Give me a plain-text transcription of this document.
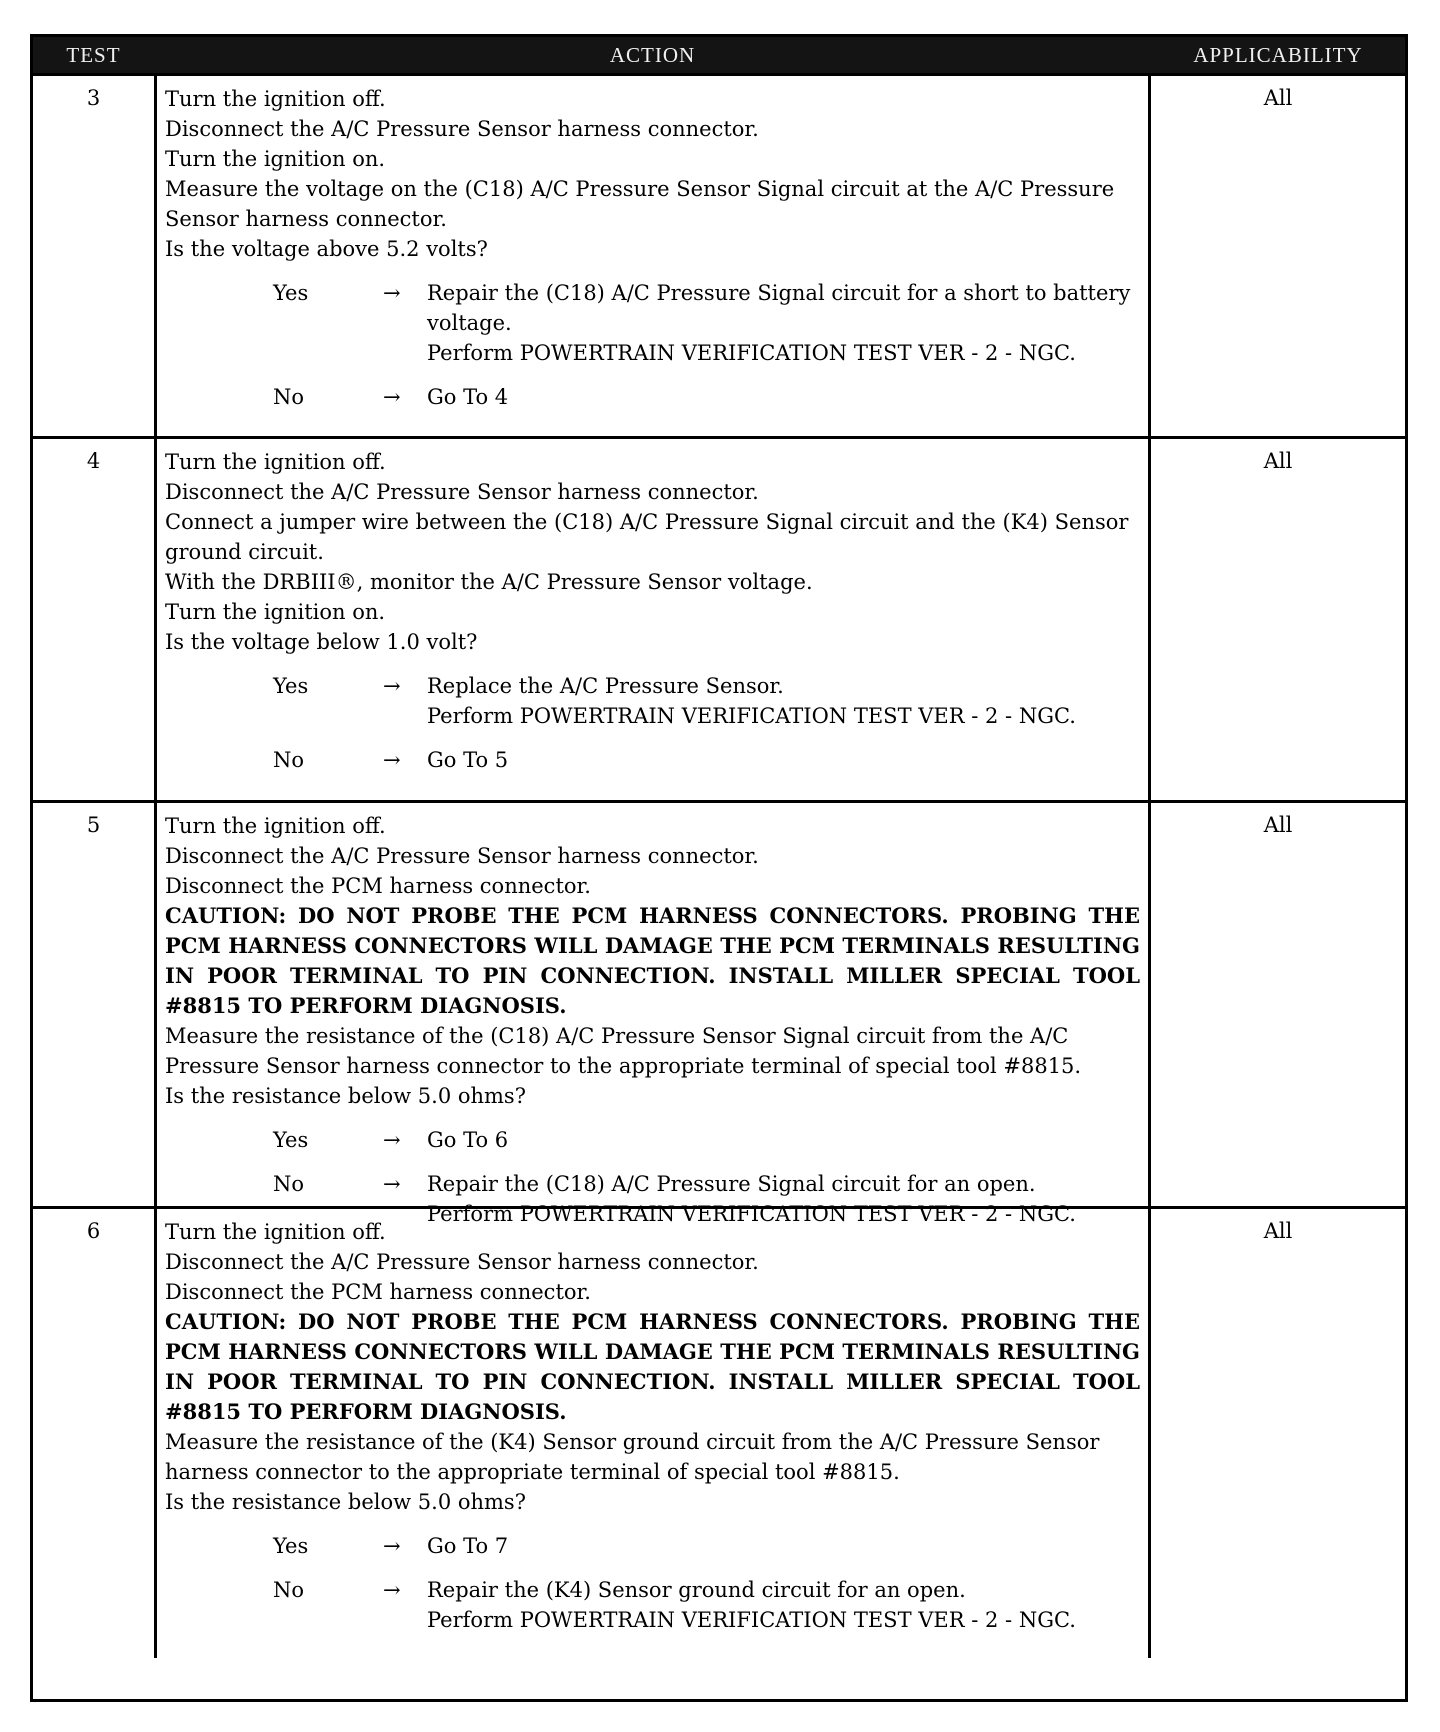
TEST	ACTION	APPLICABILITY
3	Turn the ignition off.
Disconnect the A/C Pressure Sensor harness connector.
Turn the ignition on.
Measure the voltage on the (C18) A/C Pressure Sensor Signal circuit at the A/C Pressure Sensor harness connector.
Is the voltage above 5.2 volts?
Yes	→	Repair the (C18) A/C Pressure Signal circuit for a short to battery voltage.
Perform POWERTRAIN VERIFICATION TEST VER - 2 - NGC.
No	→	Go To 4
All
4	Turn the ignition off.
Disconnect the A/C Pressure Sensor harness connector.
Connect a jumper wire between the (C18) A/C Pressure Signal circuit and the (K4) Sensor ground circuit.
With the DRBIII®, monitor the A/C Pressure Sensor voltage.
Turn the ignition on.
Is the voltage below 1.0 volt?
Yes	→	Replace the A/C Pressure Sensor.
Perform POWERTRAIN VERIFICATION TEST VER - 2 - NGC.
No	→	Go To 5
All
5	Turn the ignition off.
Disconnect the A/C Pressure Sensor harness connector.
Disconnect the PCM harness connector.
CAUTION: DO NOT PROBE THE PCM HARNESS CONNECTORS. PROBING THE PCM HARNESS CONNECTORS WILL DAMAGE THE PCM TERMINALS RESULTING IN POOR TERMINAL TO PIN CONNECTION. INSTALL MILLER SPECIAL TOOL #8815 TO PERFORM DIAGNOSIS.
Measure the resistance of the (C18) A/C Pressure Sensor Signal circuit from the A/C Pressure Sensor harness connector to the appropriate terminal of special tool #8815.
Is the resistance below 5.0 ohms?
Yes	→	Go To 6
No	→	Repair the (C18) A/C Pressure Signal circuit for an open.
Perform POWERTRAIN VERIFICATION TEST VER - 2 - NGC.
All
6	Turn the ignition off.
Disconnect the A/C Pressure Sensor harness connector.
Disconnect the PCM harness connector.
CAUTION: DO NOT PROBE THE PCM HARNESS CONNECTORS. PROBING THE PCM HARNESS CONNECTORS WILL DAMAGE THE PCM TERMINALS RESULTING IN POOR TERMINAL TO PIN CONNECTION. INSTALL MILLER SPECIAL TOOL #8815 TO PERFORM DIAGNOSIS.
Measure the resistance of the (K4) Sensor ground circuit from the A/C Pressure Sensor harness connector to the appropriate terminal of special tool #8815.
Is the resistance below 5.0 ohms?
Yes	→	Go To 7
No	→	Repair the (K4) Sensor ground circuit for an open.
Perform POWERTRAIN VERIFICATION TEST VER - 2 - NGC.
All
